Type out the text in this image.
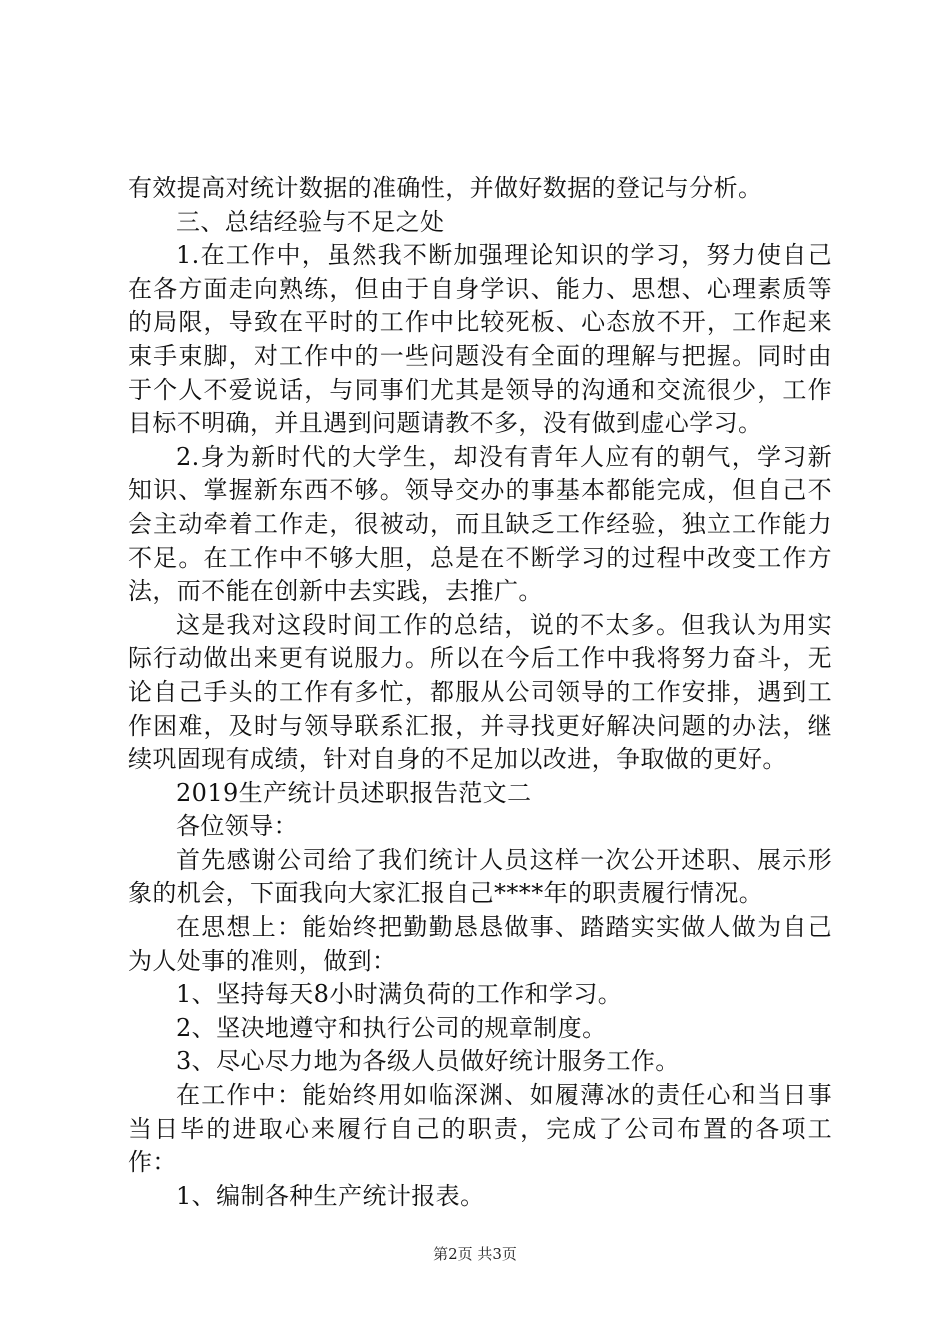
有效提高对统计数据的准确性，并做好数据的登记与分析。

三、总结经验与不足之处

1.在工作中，虽然我不断加强理论知识的学习，努力使自己在各方面走向熟练，但由于自身学识、能力、思想、心理素质等的局限，导致在平时的工作中比较死板、心态放不开，工作起来束手束脚，对工作中的一些问题没有全面的理解与把握。同时由于个人不爱说话，与同事们尤其是领导的沟通和交流很少，工作目标不明确，并且遇到问题请教不多，没有做到虚心学习。

2.身为新时代的大学生，却没有青年人应有的朝气，学习新知识、掌握新东西不够。领导交办的事基本都能完成，但自己不会主动牵着工作走，很被动，而且缺乏工作经验，独立工作能力不足。在工作中不够大胆，总是在不断学习的过程中改变工作方法，而不能在创新中去实践，去推广。

这是我对这段时间工作的总结，说的不太多。但我认为用实际行动做出来更有说服力。所以在今后工作中我将努力奋斗，无论自己手头的工作有多忙，都服从公司领导的工作安排，遇到工作困难，及时与领导联系汇报，并寻找更好解决问题的办法，继续巩固现有成绩，针对自身的不足加以改进，争取做的更好。

2019生产统计员述职报告范文二

各位领导：

首先感谢公司给了我们统计人员这样一次公开述职、展示形象的机会，下面我向大家汇报自己****年的职责履行情况。

在思想上：能始终把勤勤恳恳做事、踏踏实实做人做为自己为人处事的准则，做到：

1、坚持每天8小时满负荷的工作和学习。

2、坚决地遵守和执行公司的规章制度。

3、尽心尽力地为各级人员做好统计服务工作。

在工作中：能始终用如临深渊、如履薄冰的责任心和当日事当日毕的进取心来履行自己的职责，完成了公司布置的各项工作：

1、编制各种生产统计报表。

第2页 共3页
